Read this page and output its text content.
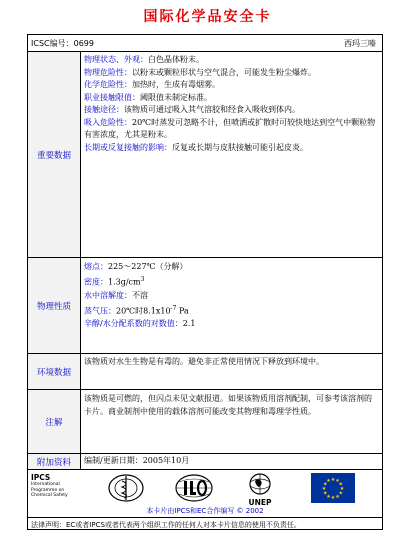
国际化学品安全卡
ICSC编号：0699	西玛三嗪
重要数据
物理状态、外观：白色晶体粉末。
物理危险性：以粉末或颗粒形状与空气混合，可能发生粉尘爆炸。
化学危险性：加热时，生成有毒烟雾。
职业接触限值：阈限值未制定标准。
接触途径：该物质可通过吸入其气溶胶和经食入吸收到体内。
吸入危险性：20℃时蒸发可忽略不计，但喷洒或扩散时可较快地达到空气中颗粒物有害浓度，尤其是粉末。
长期或反复接触的影响：反复或长期与皮肤接触可能引起皮炎。
物理性质
熔点：225～227℃（分解）
密度：$1.3g/cm^3$
水中溶解度：不溶
蒸气压：20℃时$8.1x10^{-7}$ Pa
辛醇/水分配系数的对数值：2.1
环境数据
该物质对水生生物是有毒的。避免非正常使用情况下释放到环境中。
注解
该物质是可燃的，但闪点未见文献报道。如果该物质用溶剂配制，可参考该溶剂的卡片。商业制剂中使用的载体溶剂可能改变其物理和毒理学性质。
附加资料	编制/更新日期：2005年10月
IPCS
International Programme on Chemical Safety
UNEP
★
★
★
★
★
★
★
★
★ ★ ★
★
本卡片由IPCS和EC合作编写 © 2002
法律声明：EC或者IPCS或者代表两个组织工作的任何人对本卡片信息的使用不负责任。
